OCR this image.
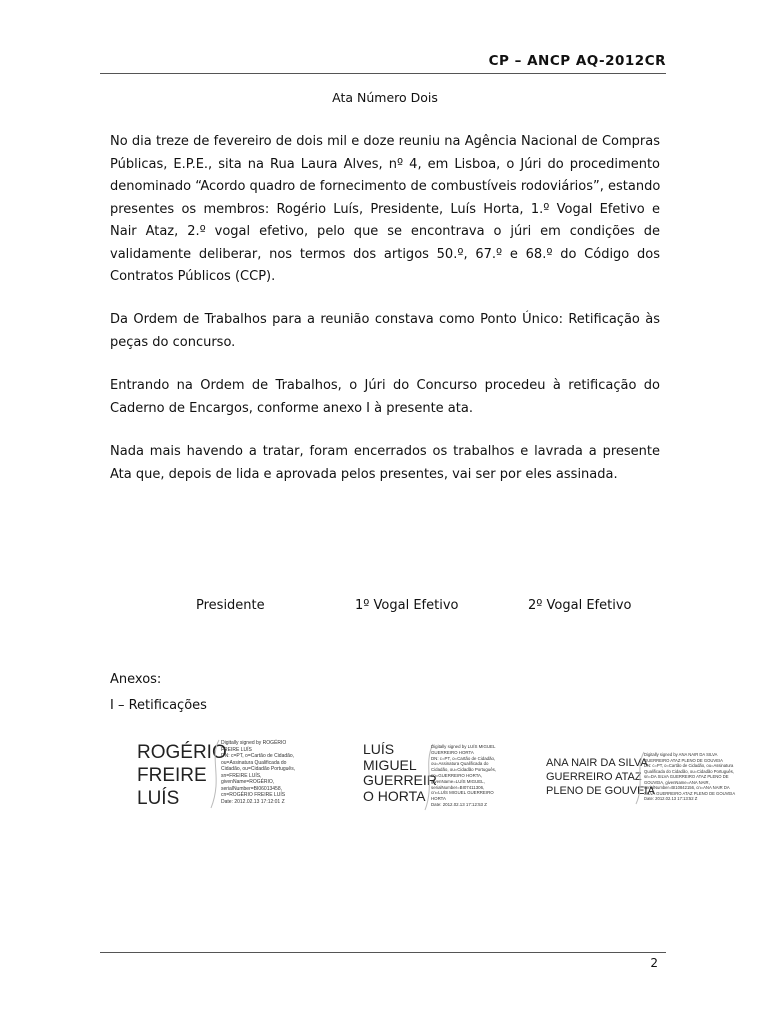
CP – ANCP AQ-2012CR
Ata Número Dois
No dia treze de fevereiro de dois mil e doze reuniu na Agência Nacional de Compras
Públicas, E.P.E., sita na Rua Laura Alves, nº 4, em Lisboa, o Júri do procedimento
denominado “Acordo quadro de fornecimento de combustíveis rodoviários”, estando
presentes os membros: Rogério Luís, Presidente, Luís Horta, 1.º Vogal Efetivo e
Nair Ataz, 2.º vogal efetivo, pelo que se encontrava o júri em condições de
validamente deliberar, nos termos dos artigos 50.º, 67.º e 68.º do Código dos
Contratos Públicos (CCP).
Da Ordem de Trabalhos para a reunião constava como Ponto Único: Retificação às
peças do concurso.
Entrando na Ordem de Trabalhos, o Júri do Concurso procedeu à retificação do
Caderno de Encargos, conforme anexo I à presente ata.
Nada mais havendo a tratar, foram encerrados os trabalhos e lavrada a presente
Ata que, depois de lida e aprovada pelos presentes, vai ser por eles assinada.
Presidente	1º Vogal Efetivo	2º Vogal Efetivo
Anexos:
I – Retificações
ROGÉRIO
FREIRE
LUÍS
Digitally signed by ROGÉRIO
FREIRE LUÍS
DN: c=PT, o=Cartão de Cidadão,
ou=Assinatura Qualificada do
Cidadão, ou=Cidadão Português,
sn=FREIRE LUÍS,
givenName=ROGÉRIO,
serialNumber=BI06013458,
cn=ROGÉRIO FREIRE LUÍS
Date: 2012.02.13 17:12:01 Z
LUÍS
MIGUEL
GUERREIR
O HORTA
Digitally signed by LUÍS MIGUEL
GUERREIRO HORTA
DN: c=PT, o=Cartão de Cidadão,
ou=Assinatura Qualificada do
Cidadão, ou=Cidadão Português,
sn=GUERREIRO HORTA,
givenName=LUÍS MIGUEL,
serialNumber=BI07411306,
cn=LUÍS MIGUEL GUERREIRO
HORTA
Date: 2012.02.13 17:12:53 Z
ANA NAIR DA SILVA
GUERREIRO ATAZ
PLENO DE GOUVEIA
Digitally signed by ANA NAIR DA SILVA
GUERREIRO ATAZ PLENO DE GOUVEIA
DN: c=PT, o=Cartão de Cidadão, ou=Assinatura
Qualificada do Cidadão, ou=Cidadão Português,
sn=DA SILVA GUERREIRO ATAZ PLENO DE
GOUVEIA, givenName=ANA NAIR,
serialNumber=BI10842156, cn=ANA NAIR DA
SILVA GUERREIRO ATAZ PLENO DE GOUVEIA
Date: 2012.02.13 17:13:52 Z
2
